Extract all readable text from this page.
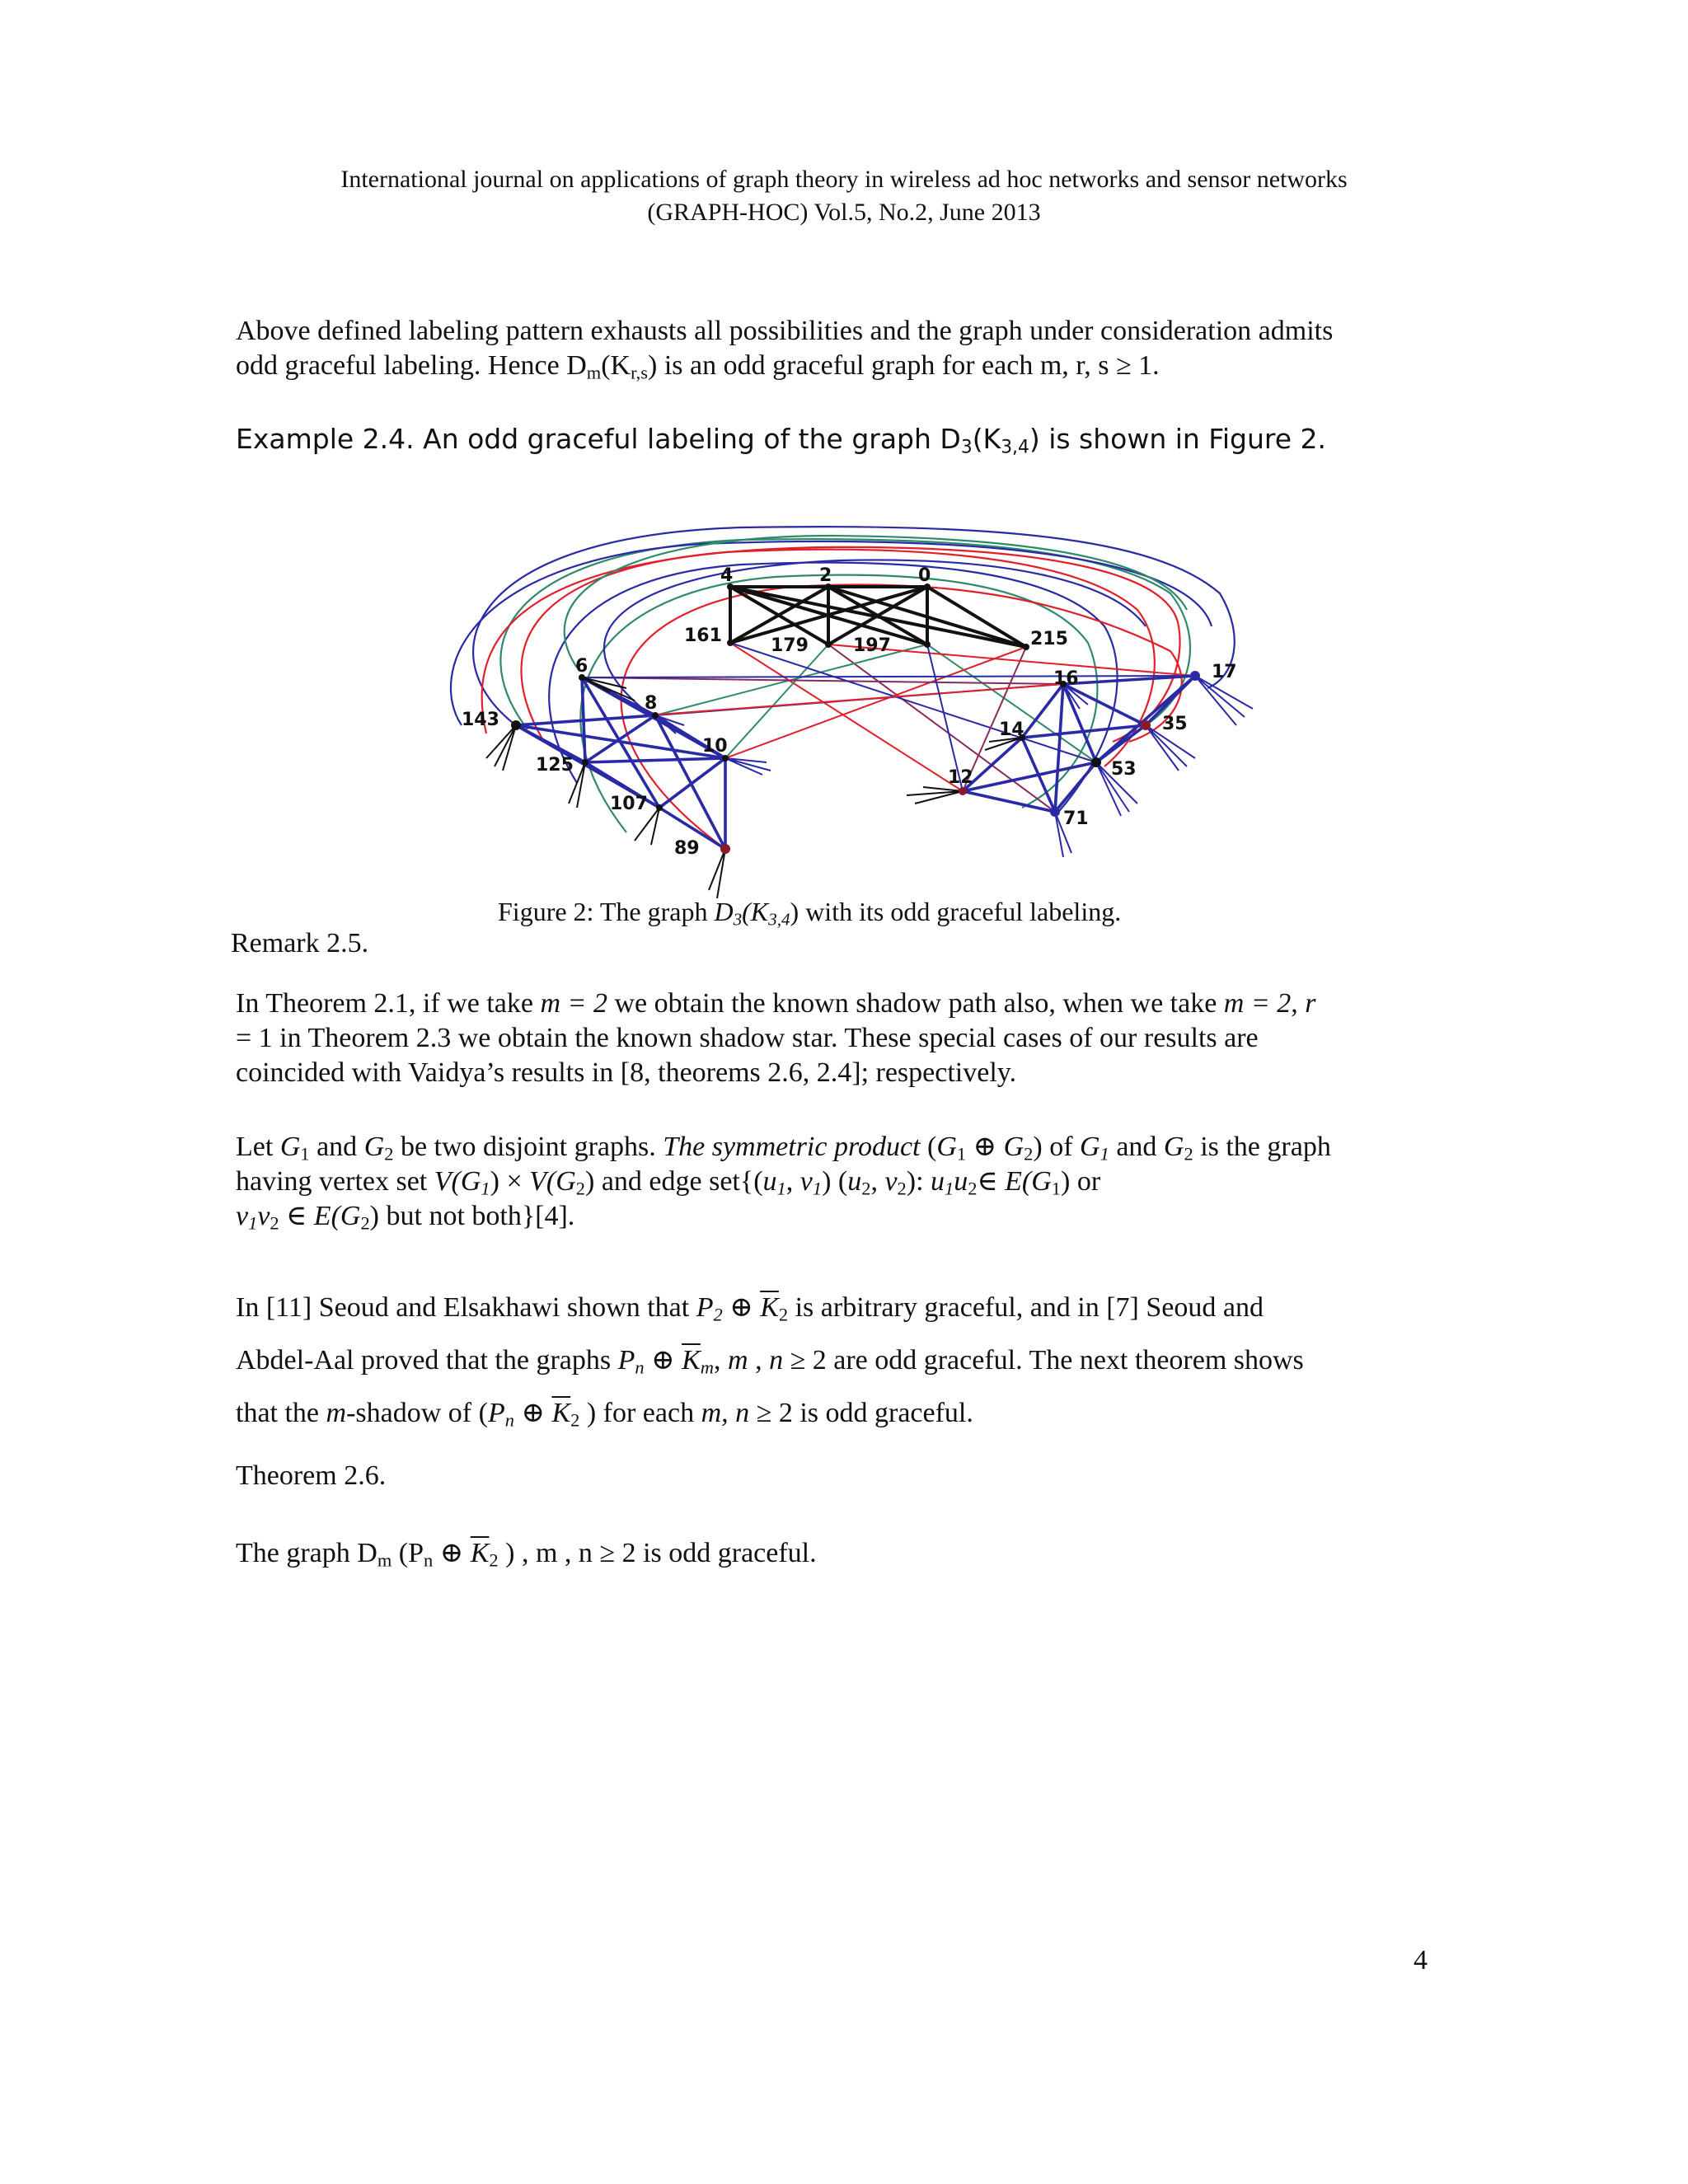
International journal on applications of graph theory in wireless ad hoc networks and sensor networks
(GRAPH-HOC) Vol.5, No.2, June 2013
Above defined labeling pattern exhausts all possibilities and the graph under consideration admits
odd graceful labeling. Hence $D_m(K_{r,s})$ is an odd graceful graph for each m, r, s ≥ 1.
Example 2.4. An odd graceful labeling of the graph $D_3(K_{3,4})$ is shown in Figure 2.
4	2	0
161	179 197	215
6
8
143
10
125
107
89
16	17
35
14
12	53
71
Figure 2: The graph $D_3(K_{3,4})$ with its odd graceful labeling.
Remark 2.5.
In Theorem 2.1, if we take m = 2 we obtain the known shadow path also, when we take m = 2, r
= 1 in Theorem 2.3 we obtain the known shadow star. These special cases of our results are
coincided with Vaidya’s results in [8, theorems 2.6, 2.4]; respectively.
Let $G_1$ and $G_2$ be two disjoint graphs. The symmetric product ($G_1$ ⊕ $G_2$) of $G_1$ and $G_2$ is the graph
having vertex set $V(G_1) \times V(G_2)$ and edge $set\{(u_1$, $v_1$) ($u_2$, $v_2$): $u_1u_2\in$ $E(G_1)$ or
$v_1v_2$ ∈ $E(G_2)$ but not both}[4].
In [11] Seoud and Elsakhawi shown that $P_2$ ⊕ $\overline{K}_2$ is arbitrary graceful, and in [7] Seoud and
Abdel-Aal proved that the graphs $P_n$ ⊕ $\overline{K}_m$, m , n ≥ 2 are odd graceful. The next theorem shows
that the m-shadow of ($P_n$ ⊕ $\overline{K}_2$ ) for each m, n ≥ 2 is odd graceful.
Theorem 2.6.
The graph $D_m$ ($P_n$ ⊕ $\overline{K}_2$ ) , m , n ≥ 2 is odd graceful.
4
